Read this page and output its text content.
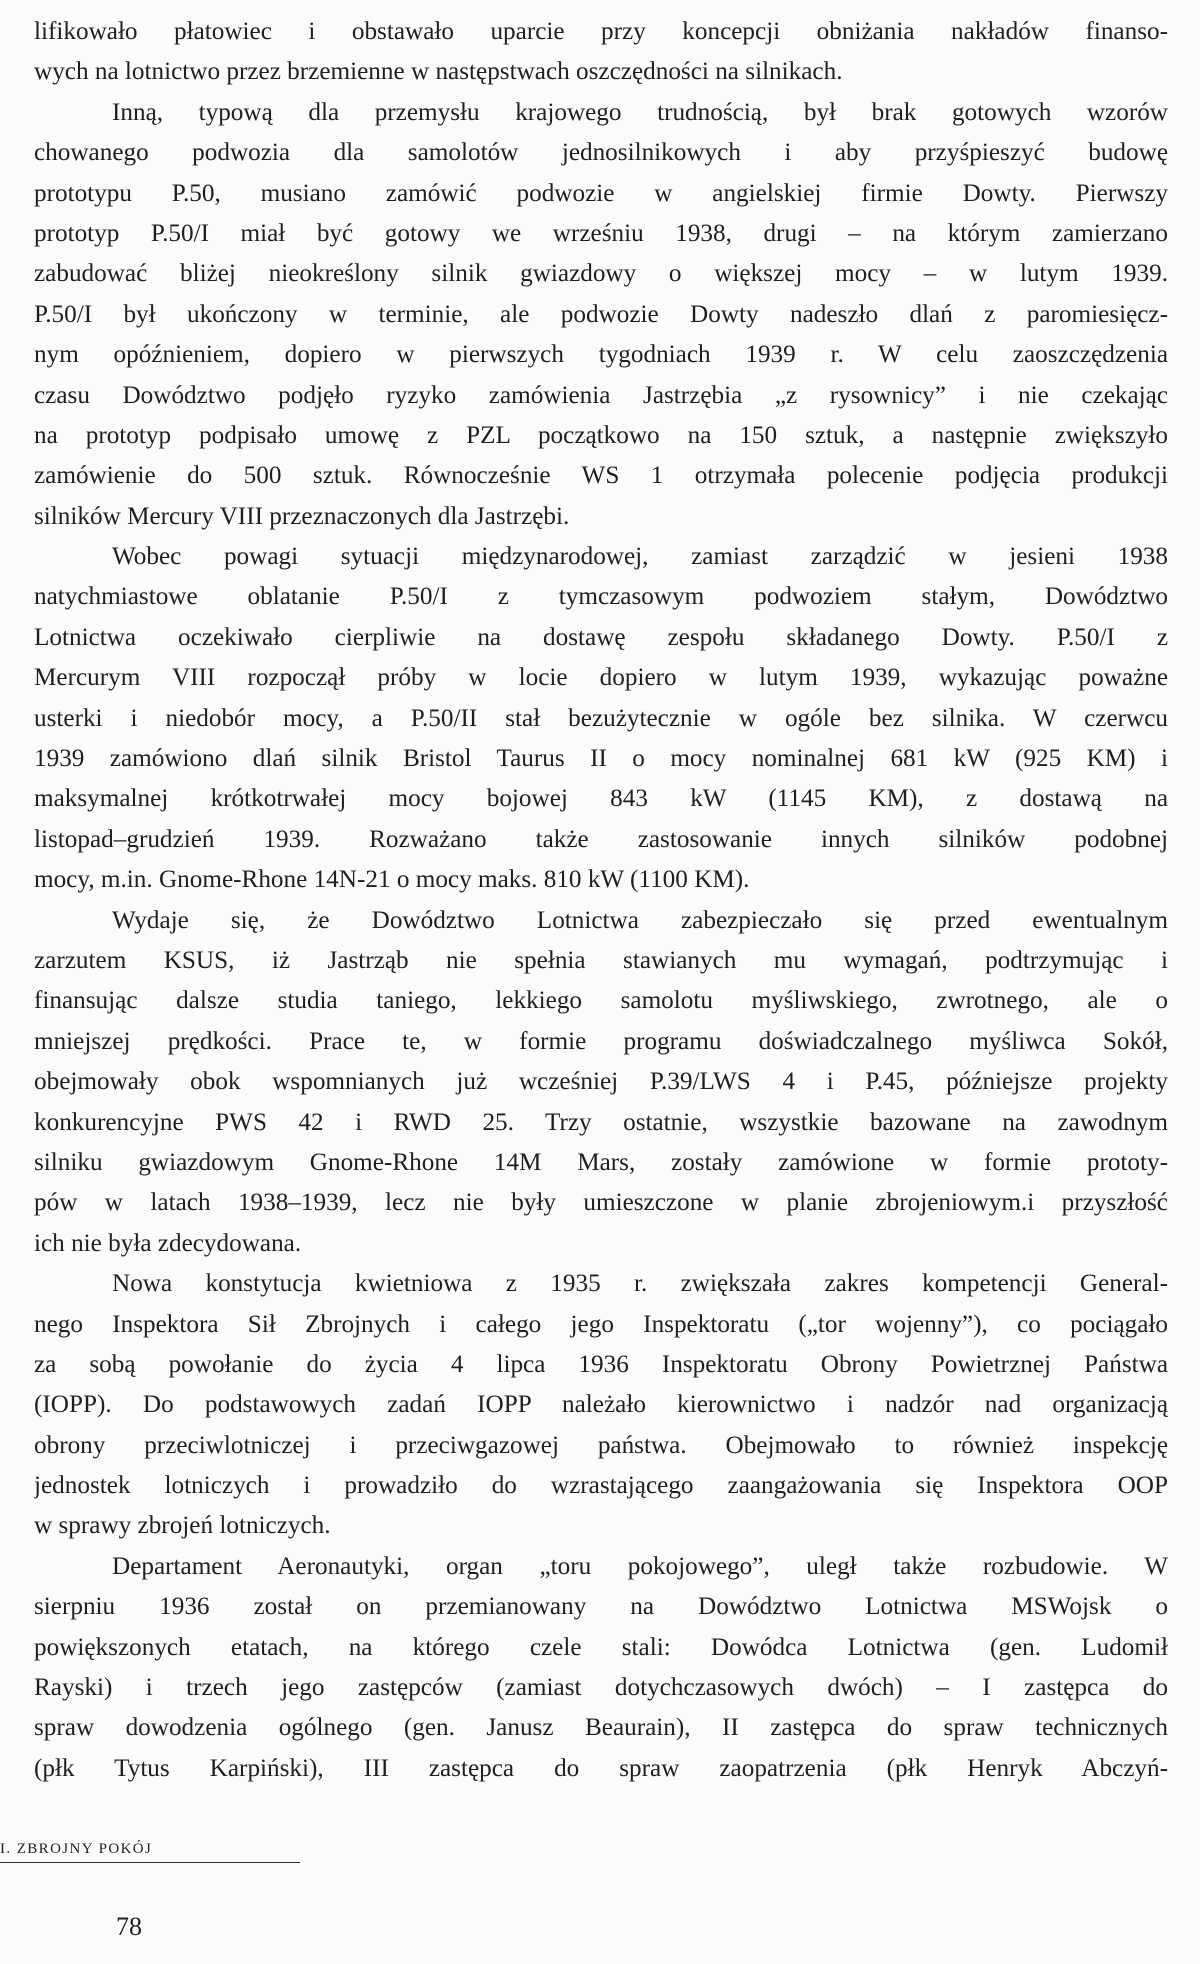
lifikowało płatowiec i obstawało uparcie przy koncepcji obniżania nakładów finanso-
wych na lotnictwo przez brzemienne w następstwach oszczędności na silnikach.
Inną, typową dla przemysłu krajowego trudnością, był brak gotowych wzorów
chowanego podwozia dla samolotów jednosilnikowych i aby przyśpieszyć budowę
prototypu P.50, musiano zamówić podwozie w angielskiej firmie Dowty. Pierwszy
prototyp P.50/I miał być gotowy we wrześniu 1938, drugi – na którym zamierzano
zabudować bliżej nieokreślony silnik gwiazdowy o większej mocy – w lutym 1939.
P.50/I był ukończony w terminie, ale podwozie Dowty nadeszło dlań z paromiesięcz-
nym opóźnieniem, dopiero w pierwszych tygodniach 1939 r. W celu zaoszczędzenia
czasu Dowództwo podjęło ryzyko zamówienia Jastrzębia „z rysownicy” i nie czekając
na prototyp podpisało umowę z PZL początkowo na 150 sztuk, a następnie zwiększyło
zamówienie do 500 sztuk. Równocześnie WS 1 otrzymała polecenie podjęcia produkcji
silników Mercury VIII przeznaczonych dla Jastrzębi.
Wobec powagi sytuacji międzynarodowej, zamiast zarządzić w jesieni 1938
natychmiastowe oblatanie P.50/I z tymczasowym podwoziem stałym, Dowództwo
Lotnictwa oczekiwało cierpliwie na dostawę zespołu składanego Dowty. P.50/I z
Mercurym VIII rozpoczął próby w locie dopiero w lutym 1939, wykazując poważne
usterki i niedobór mocy, a P.50/II stał bezużytecznie w ogóle bez silnika. W czerwcu
1939 zamówiono dlań silnik Bristol Taurus II o mocy nominalnej 681 kW (925 KM) i
maksymalnej krótkotrwałej mocy bojowej 843 kW (1145 KM), z dostawą na
listopad–grudzień 1939. Rozważano także zastosowanie innych silników podobnej
mocy, m.in. Gnome-Rhone 14N-21 o mocy maks. 810 kW (1100 KM).
Wydaje się, że Dowództwo Lotnictwa zabezpieczało się przed ewentualnym
zarzutem KSUS, iż Jastrząb nie spełnia stawianych mu wymagań, podtrzymując i
finansując dalsze studia taniego, lekkiego samolotu myśliwskiego, zwrotnego, ale o
mniejszej prędkości. Prace te, w formie programu doświadczalnego myśliwca Sokół,
obejmowały obok wspomnianych już wcześniej P.39/LWS 4 i P.45, późniejsze projekty
konkurencyjne PWS 42 i RWD 25. Trzy ostatnie, wszystkie bazowane na zawodnym
silniku gwiazdowym Gnome-Rhone 14M Mars, zostały zamówione w formie prototy-
pów w latach 1938–1939, lecz nie były umieszczone w planie zbrojeniowym.i przyszłość
ich nie była zdecydowana.
Nowa konstytucja kwietniowa z 1935 r. zwiększała zakres kompetencji General-
nego Inspektora Sił Zbrojnych i całego jego Inspektoratu („tor wojenny”), co pociągało
za sobą powołanie do życia 4 lipca 1936 Inspektoratu Obrony Powietrznej Państwa
(IOPP). Do podstawowych zadań IOPP należało kierownictwo i nadzór nad organizacją
obrony przeciwlotniczej i przeciwgazowej państwa. Obejmowało to również inspekcję
jednostek lotniczych i prowadziło do wzrastającego zaangażowania się Inspektora OOP
w sprawy zbrojeń lotniczych.
Departament Aeronautyki, organ „toru pokojowego”, uległ także rozbudowie. W
sierpniu 1936 został on przemianowany na Dowództwo Lotnictwa MSWojsk o
powiększonych etatach, na którego czele stali: Dowódca Lotnictwa (gen. Ludomił
Rayski) i trzech jego zastępców (zamiast dotychczasowych dwóch) – I zastępca do
spraw dowodzenia ogólnego (gen. Janusz Beaurain), II zastępca do spraw technicznych
(płk Tytus Karpiński), III zastępca do spraw zaopatrzenia (płk Henryk Abczyń-
I. ZBROJNY POKÓJ
78
